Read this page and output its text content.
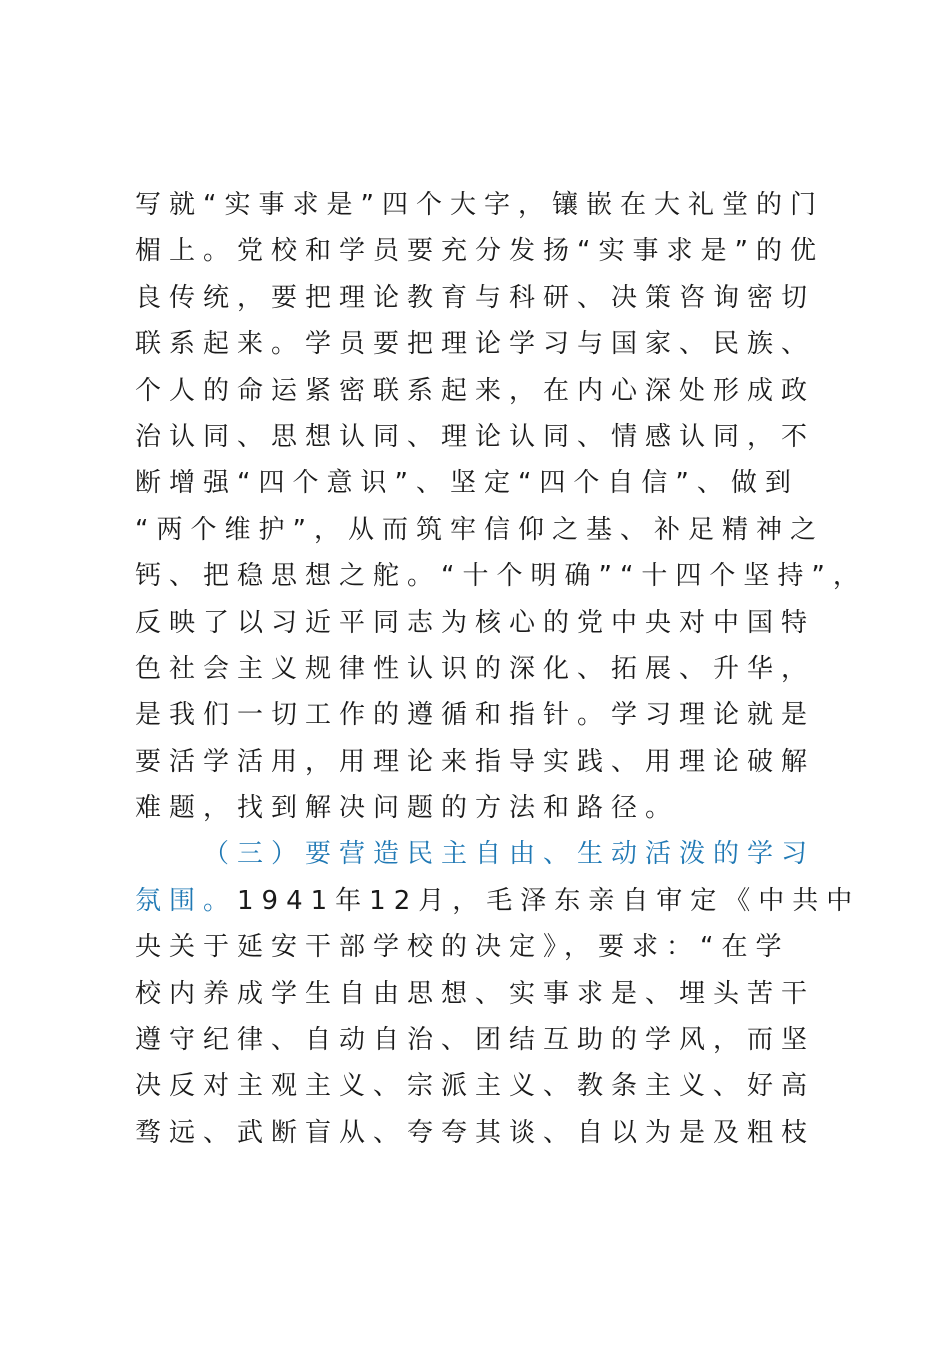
写就“实事求是”四个大字，镶嵌在大礼堂的门
楣上。党校和学员要充分发扬“实事求是”的优
良传统，要把理论教育与科研、决策咨询密切
联系起来。学员要把理论学习与国家、民族、
个人的命运紧密联系起来，在内心深处形成政
治认同、思想认同、理论认同、情感认同，不
断增强“四个意识”、坚定“四个自信”、做到
“两个维护”，从而筑牢信仰之基、补足精神之
钙、把稳思想之舵。“十个明确”“十四个坚持”，
反映了以习近平同志为核心的党中央对中国特
色社会主义规律性认识的深化、拓展、升华，
是我们一切工作的遵循和指针。学习理论就是
要活学活用，用理论来指导实践、用理论破解
难题，找到解决问题的方法和路径。
（三）要营造民主自由、生动活泼的学习
氛围。1941年12月，毛泽东亲自审定《中共中
央关于延安干部学校的决定》，要求：“在学
校内养成学生自由思想、实事求是、埋头苦干
遵守纪律、自动自治、团结互助的学风，而坚
决反对主观主义、宗派主义、教条主义、好高
骛远、武断盲从、夸夸其谈、自以为是及粗枝
